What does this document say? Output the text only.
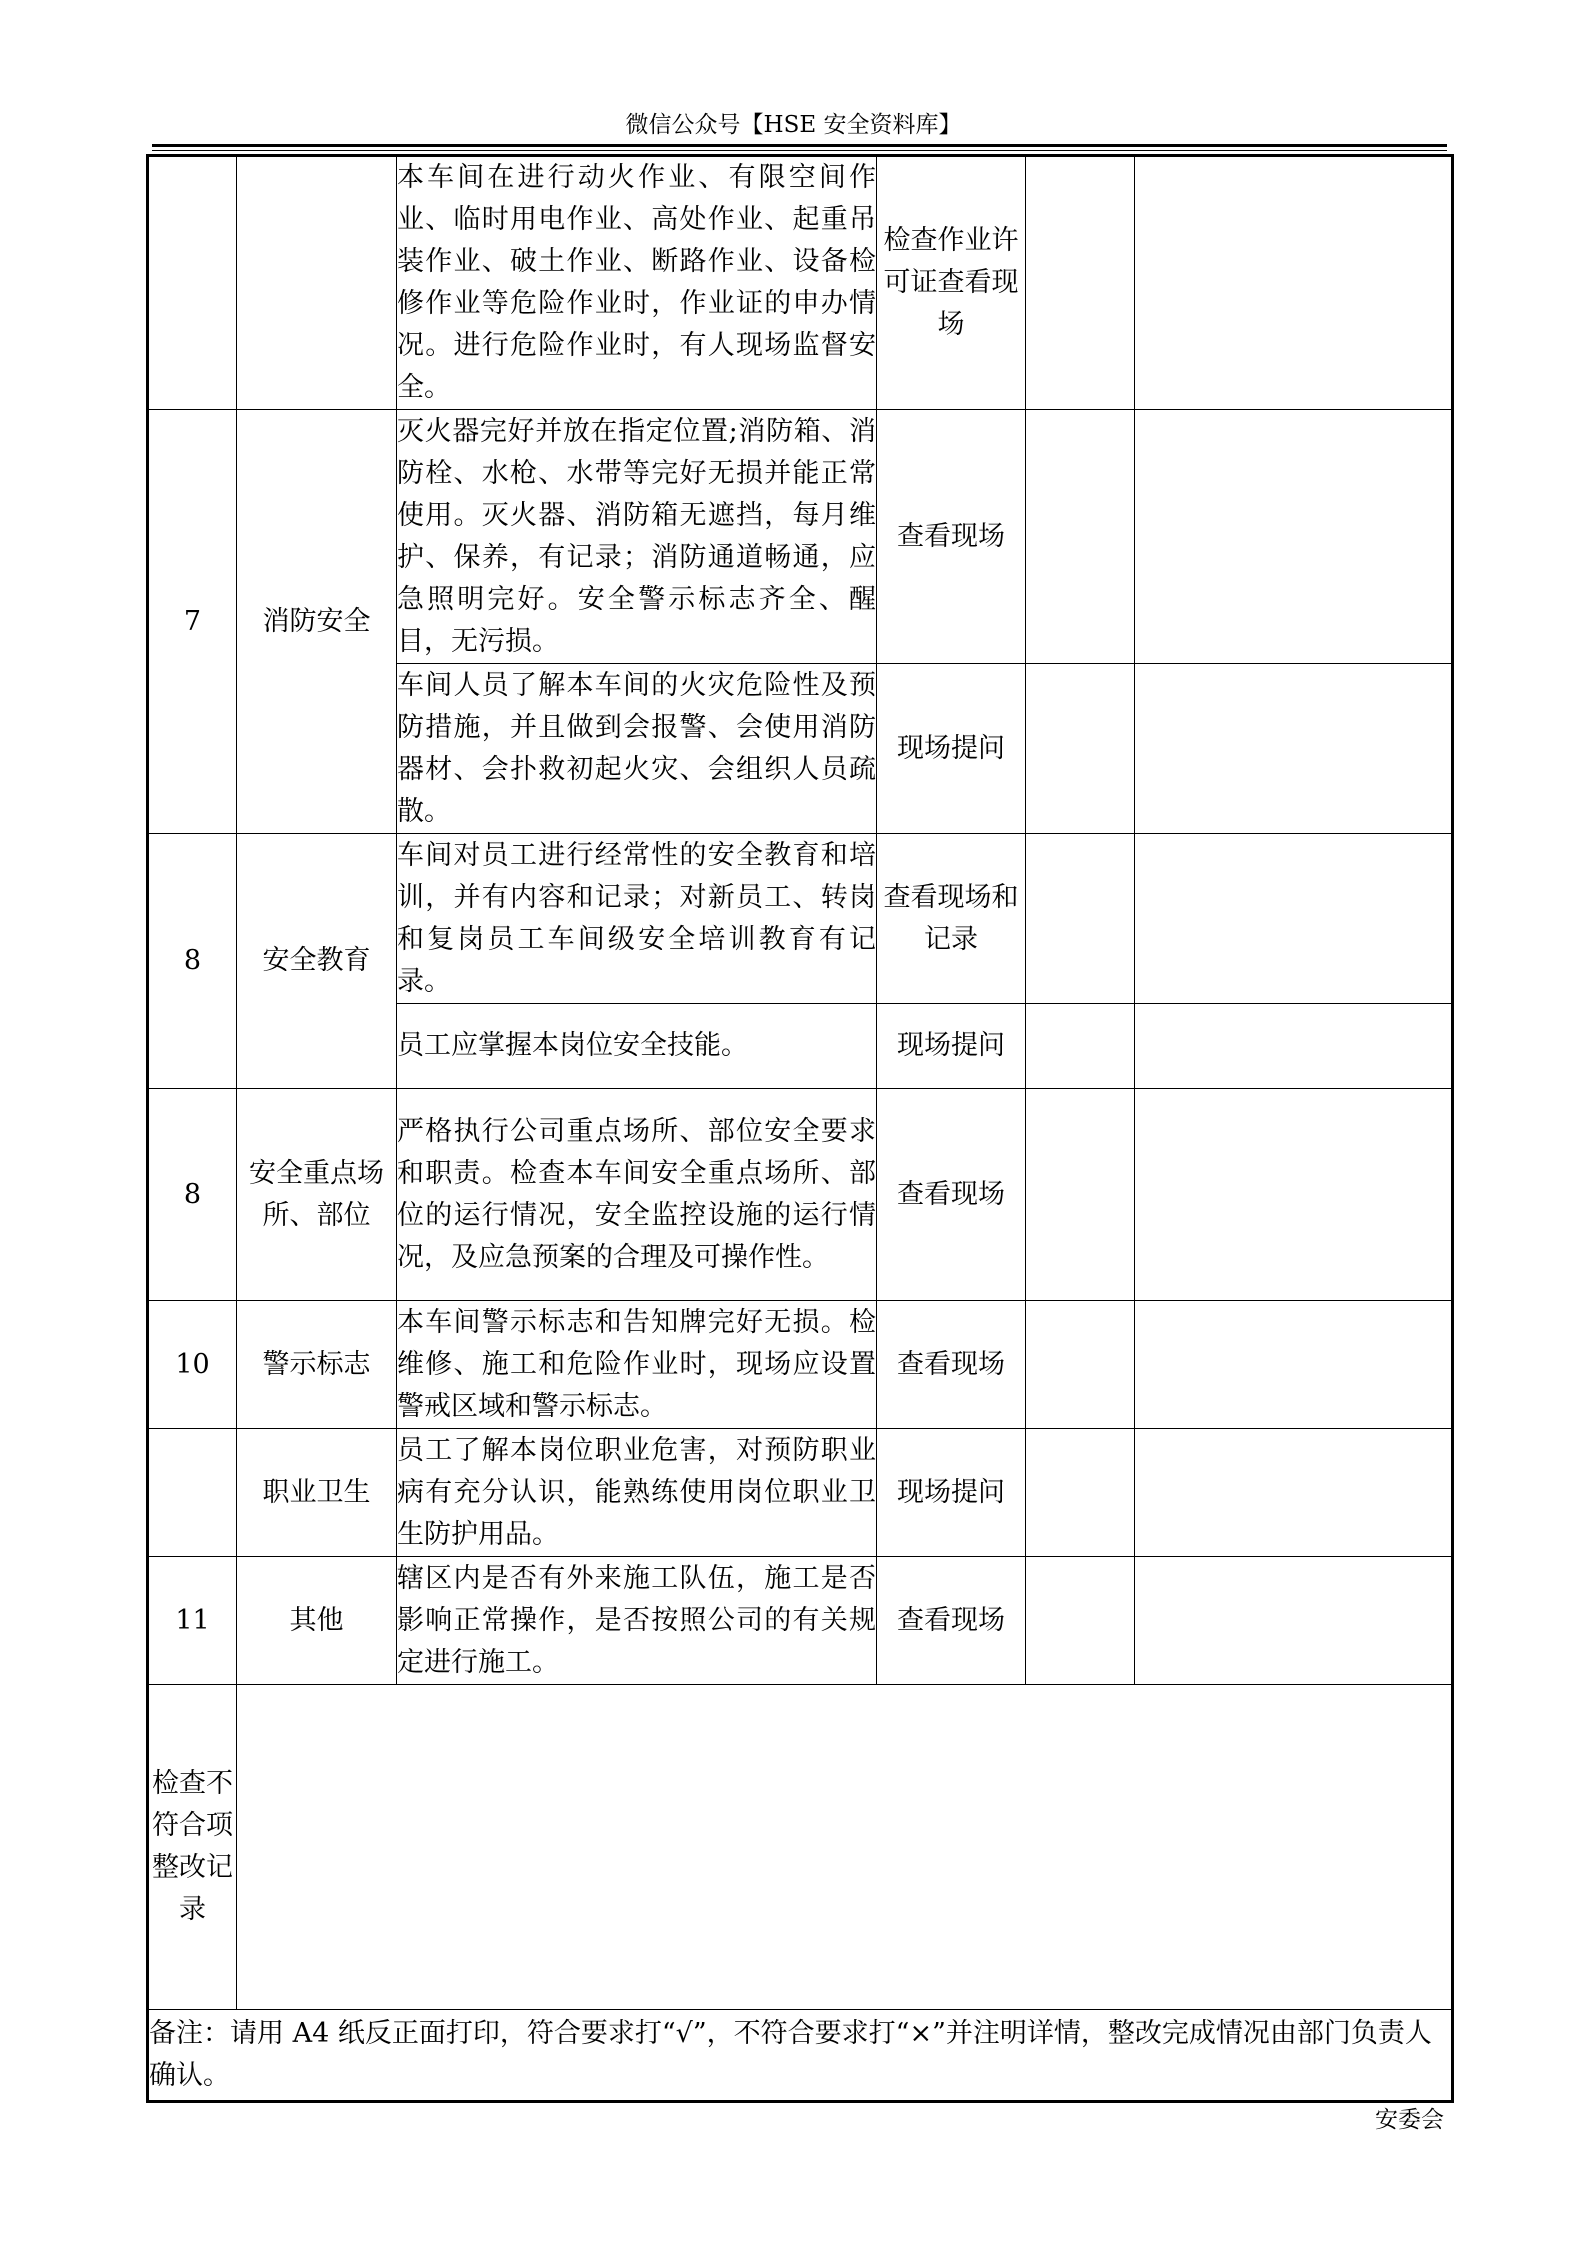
微信公众号【HSE 安全资料库】
		本车间在进行动火作业、有限空间作业、临时用电作业、高处作业、起重吊装作业、破土作业、断路作业、设备检修作业等危险作业时，作业证的申办情况。进行危险作业时，有人现场监督安全。	检查作业许可证查看现场		
7	消防安全	灭火器完好并放在指定位置;消防箱、消防栓、水枪、水带等完好无损并能正常使用。灭火器、消防箱无遮挡，每月维护、保养，有记录；消防通道畅通，应急照明完好。安全警示标志齐全、醒目，无污损。	查看现场		
		车间人员了解本车间的火灾危险性及预防措施，并且做到会报警、会使用消防器材、会扑救初起火灾、会组织人员疏散。	现场提问		
8	安全教育	车间对员工进行经常性的安全教育和培训，并有内容和记录；对新员工、转岗和复岗员工车间级安全培训教育有记录。	查看现场和记录		
		员工应掌握本岗位安全技能。	现场提问		
8	安全重点场所、部位	严格执行公司重点场所、部位安全要求和职责。检查本车间安全重点场所、部位的运行情况，安全监控设施的运行情况，及应急预案的合理及可操作性。	查看现场		
10	警示标志	本车间警示标志和告知牌完好无损。检维修、施工和危险作业时，现场应设置警戒区域和警示标志。	查看现场		
	职业卫生	员工了解本岗位职业危害，对预防职业病有充分认识，能熟练使用岗位职业卫生防护用品。	现场提问		
11	其他	辖区内是否有外来施工队伍，施工是否影响正常操作，是否按照公司的有关规定进行施工。	查看现场		
检查不符合项整改记录					
备注：请用 A4 纸反正面打印，符合要求打“√”，不符合要求打“×”并注明详情，整改完成情况由部门负责人确认。					
安委会
